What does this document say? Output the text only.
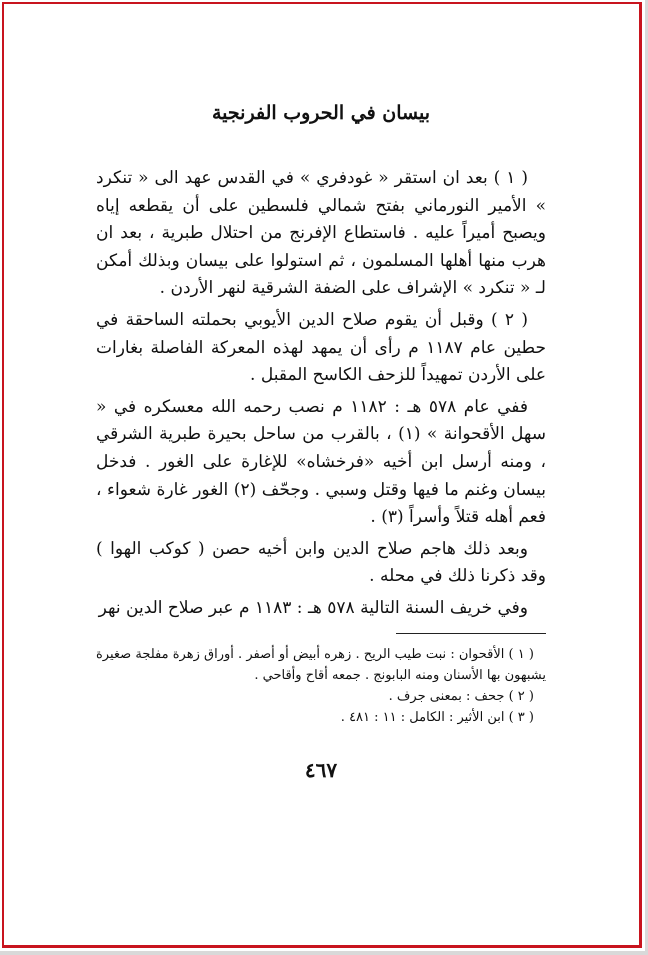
بيسان في الحروب الفرنجية

( ١ ) بعد ان استقر « غودفري » في القدس عهد الى « تنكرد » الأمير النورماني بفتح شمالي فلسطين على أن يقطعه إياه ويصبح أميراً عليه . فاستطاع الإفرنج من احتلال طبرية ، بعد ان هرب منها أهلها المسلمون ، ثم استولوا على بيسان وبذلك أمكن لـ « تنكرد » الإشراف على الضفة الشرقية لنهر الأردن .

( ٢ ) وقبل أن يقوم صلاح الدين الأيوبي بحملته الساحقة في حطين عام ١١٨٧ م رأى أن يمهد لهذه المعركة الفاصلة بغارات على الأردن تمهيداً للزحف الكاسح المقبل .

ففي عام ٥٧٨ هـ : ١١٨٢ م نصب رحمه الله معسكره في « سهل الأقحوانة » (١) ، بالقرب من ساحل بحيرة طبرية الشرقي ، ومنه أرسل ابن أخيه «فرخشاه» للإغارة على الغور . فدخل بيسان وغنم ما فيها وقتل وسبي . وجحّف (٢) الغور غارة شعواء ، فعم أهله قتلاً وأسراً (٣) .

وبعد ذلك هاجم صلاح الدين وابن أخيه حصن ( كوكب الهوا ) وقد ذكرنا ذلك في محله .

وفي خريف السنة التالية ٥٧٨ هـ : ١١٨٣ م عبر صلاح الدين نهر

( ١ ) الأقحوان : نبت طيب الريح . زهره أبيض أو أصفر . أوراق زهرة مفلجة صغيرة يشبهون بها الأسنان ومنه البابونج . جمعه أقاح وأقاحي .

( ٢ ) جحف : بمعنى جرف .

( ٣ ) ابن الأثير : الكامل : ١١ : ٤٨١ .

٤٦٧
